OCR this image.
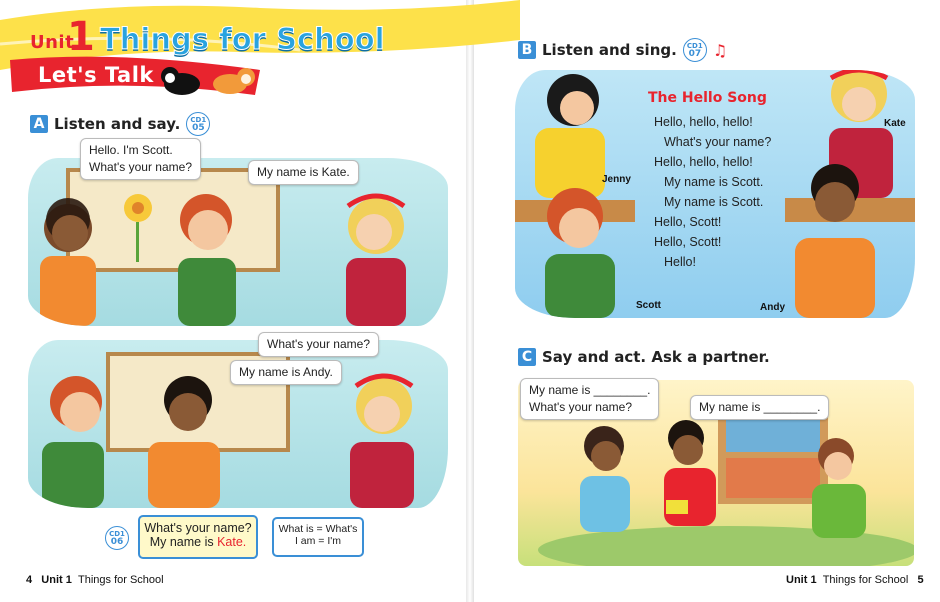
Unit
1 Things for School
Let's Talk
A Listen and say.	CD1
05
Hello. I'm Scott.
What's your name?	My name is Kate.
What's your name?
My name is Andy.
CD1
06
What's your name?
My name is Kate.
What is = What's
I am = I'm
4 Unit 1 Things for School
B Listen and sing.	CD1
07 ♫
The Hello Song
Hello, hello, hello!
What's your name?
Hello, hello, hello!
My name is Scott.
My name is Scott.
Hello, Scott!
Hello, Scott!
Hello!
Jenny
Kate
Scott	Andy
C Say and act. Ask a partner.
My name is ________.
What's your name?	My name is ________.
Unit 1 Things for School 5
